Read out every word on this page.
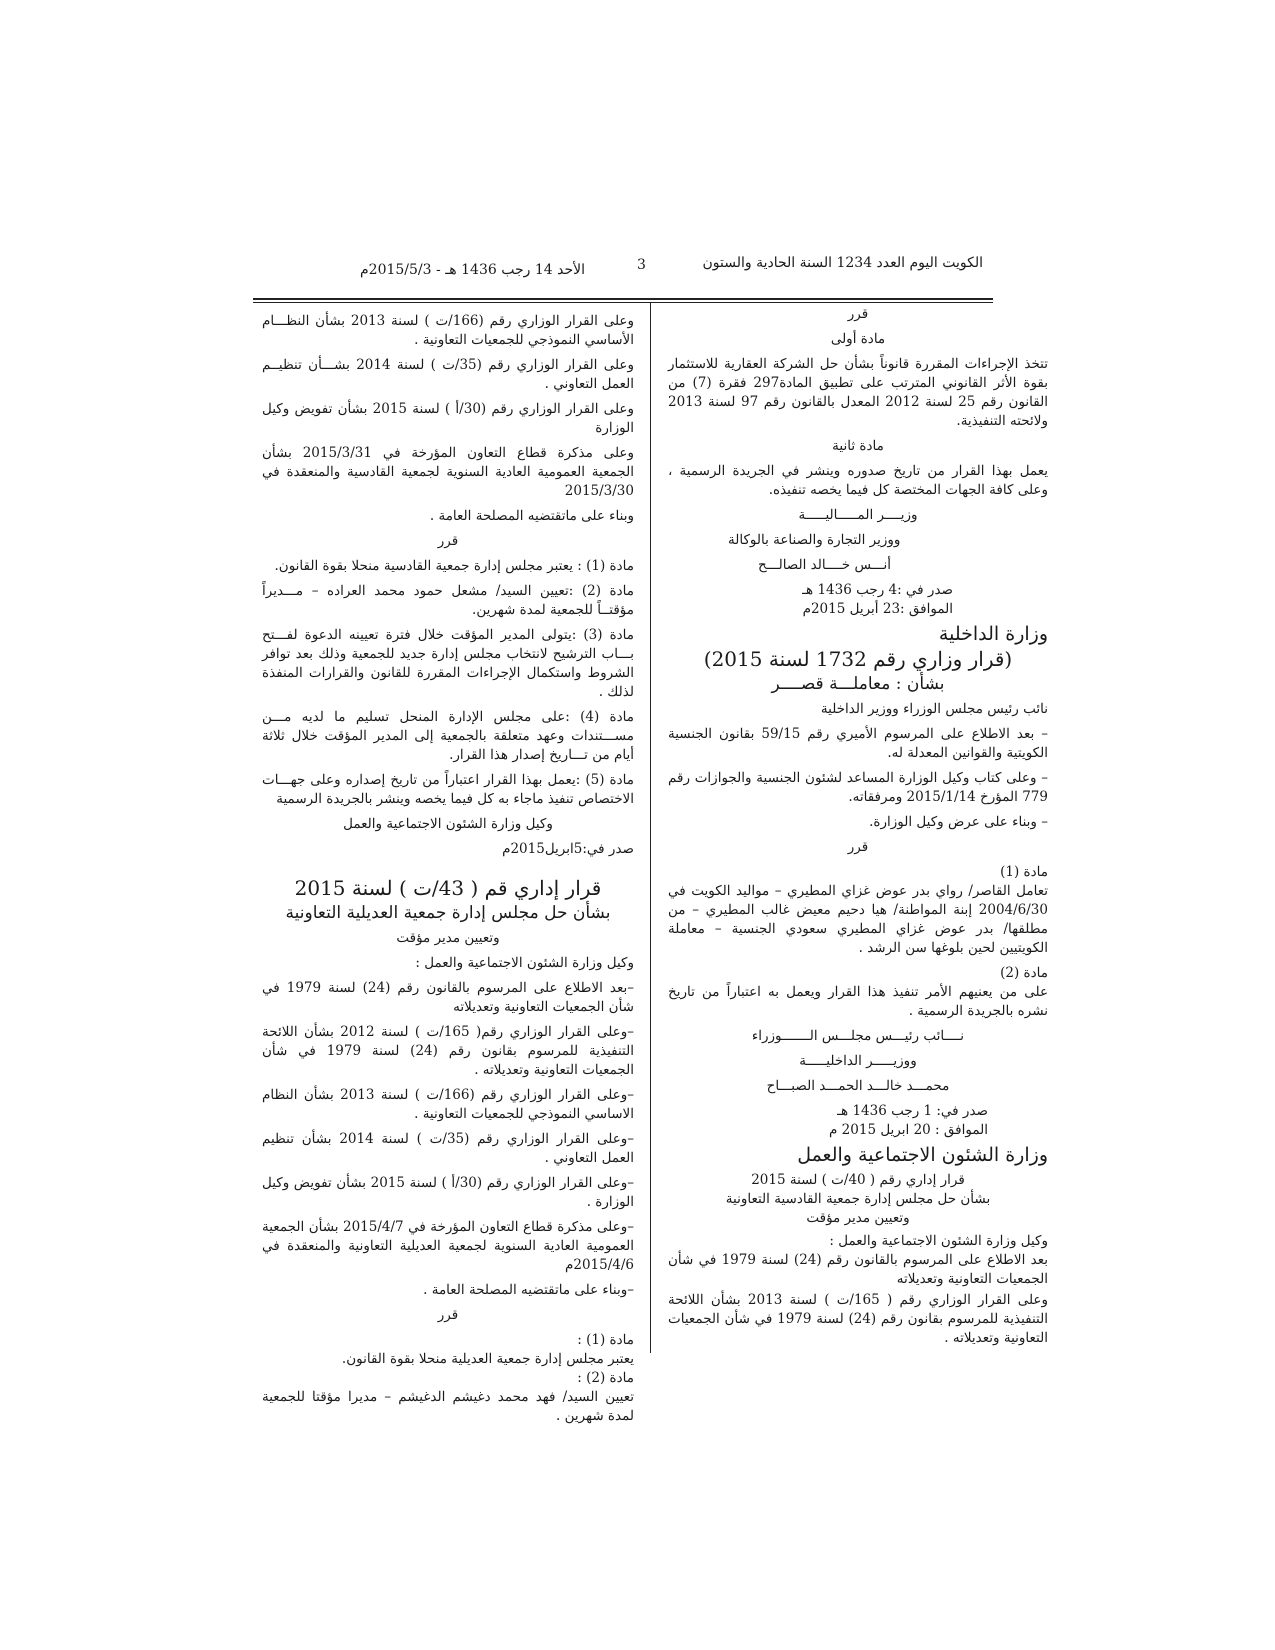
الكويت اليوم العدد 1234 السنة الحادية والستون
3
الأحد 14 رجب 1436 هـ - 2015/5/3م

قرر

مادة أولى

تتخذ الإجراءات المقررة قانوناً بشأن حل الشركة العقارية للاستثمار بقوة الأثر القانوني المترتب على تطبيق المادة297 فقرة (7) من القانون رقم 25 لسنة 2012 المعدل بالقانون رقم 97 لسنة 2013 ولائحته التنفيذية.

مادة ثانية

يعمل بهذا القرار من تاريخ صدوره وينشر في الجريدة الرسمية ، وعلى كافة الجهات المختصة كل فيما يخصه تنفيذه.

وزيــــر المـــــاليـــــة

ووزير التجارة والصناعة بالوكالة

أنـــس خــــالد الصالـــح

صدر في :4 رجب 1436 هـ

الموافق :23 أبريل 2015م

وزارة الداخلية

(قرار وزاري رقم 1732 لسنة 2015)

بشأن : معاملـــة قصــــر

نائب رئيس مجلس الوزراء ووزير الداخلية

– بعد الاطلاع على المرسوم الأميري رقم 59/15 بقانون الجنسية الكويتية والقوانين المعدلة له.

– وعلى كتاب وكيل الوزارة المساعد لشئون الجنسية والجوازات رقم 779 المؤرخ 2015/1/14 ومرفقاته.

– وبناء على عرض وكيل الوزارة.

قرر

مادة (1)

تعامل القاصر/ رواي بدر عوض غزاي المطيري – مواليد الكويت في 2004/6/30 إبنة المواطنة/ هيا دحيم معيض غالب المطيري – من مطلقها/ بدر عوض غزاي المطيري سعودي الجنسية – معاملة الكويتيين لحين بلوغها سن الرشد .

مادة (2)

على من يعنيهم الأمر تنفيذ هذا القرار ويعمل به اعتباراً من تاريخ نشره بالجريدة الرسمية .

نــــائب رئيـــس مجلـــس الـــــــوزراء

ووزيـــــر الداخليـــــة

محمـــد خالـــد الحمـــد الصبـــاح

صدر في: 1 رجب 1436 هـ

الموافق : 20 ابريل 2015 م

وزارة الشئون الاجتماعية والعمل

قرار إداري رقم ( 40/ت ) لسنة 2015

بشأن حل مجلس إدارة جمعية القادسية التعاونية

وتعيين مدير مؤقت

وكيل وزارة الشئون الاجتماعية والعمل :

بعد الاطلاع على المرسوم بالقانون رقم (24) لسنة 1979 في شأن الجمعيات التعاونية وتعديلاته

وعلى القرار الوزاري رقم ( 165/ت ) لسنة 2013 بشأن اللائحة التنفيذية للمرسوم بقانون رقم (24) لسنة 1979 في شأن الجمعيات التعاونية وتعديلاته .

وعلى القرار الوزاري رقم (166/ت ) لسنة 2013 بشأن النظـــام الأساسي النموذجي للجمعيات التعاونية .

وعلى القرار الوزاري رقم (35/ت ) لسنة 2014 بشـــأن تنظيــم العمل التعاوني .

وعلى القرار الوزاري رقم (30/أ ) لسنة 2015 بشأن تفويض وكيل الوزارة

وعلى مذكرة قطاع التعاون المؤرخة في 2015/3/31 بشأن الجمعية العمومية العادية السنوية لجمعية القادسية والمنعقدة في 2015/3/30

وبناء على ماتقتضيه المصلحة العامة .

قرر

مادة (1) : يعتبر مجلس إدارة جمعية القادسية منحلا بقوة القانون.

مادة (2) :تعيين السيد/ مشعل حمود محمد العراده – مـــديراً مؤقتــاً للجمعية لمدة شهرين.

مادة (3) :يتولى المدير المؤقت خلال فترة تعيينه الدعوة لفـــتح بـــاب الترشيح لانتخاب مجلس إدارة جديد للجمعية وذلك بعد توافر الشروط واستكمال الإجراءات المقررة للقانون والقرارات المنفذة لذلك .

مادة (4) :على مجلس الإدارة المنحل تسليم ما لديه مـــن مســـتندات وعهد متعلقة بالجمعية إلى المدير المؤقت خلال ثلاثة أيام من تـــاريخ إصدار هذا القرار.

مادة (5) :يعمل بهذا القرار اعتباراً من تاريخ إصداره وعلى جهـــات الاختصاص تنفيذ ماجاء به كل فيما يخصه وينشر بالجريدة الرسمية

وكيل وزارة الشئون الاجتماعية والعمل

صدر في:5ابريل2015م

قرار إداري قم ( 43/ت ) لسنة 2015

بشأن حل مجلس إدارة جمعية العديلية التعاونية

وتعيين مدير مؤقت

وكيل وزارة الشئون الاجتماعية والعمل :

–بعد الاطلاع على المرسوم بالقانون رقم (24) لسنة 1979 في شأن الجمعيات التعاونية وتعديلاته

–وعلى القرار الوزاري رقم( 165/ت ) لسنة 2012 بشأن اللائحة التنفيذية للمرسوم بقانون رقم (24) لسنة 1979 في شأن الجمعيات التعاونية وتعديلاته .

–وعلى القرار الوزاري رقم (166/ت ) لسنة 2013 بشأن النظام الاساسي النموذجي للجمعيات التعاونية .

–وعلى القرار الوزاري رقم (35/ت ) لسنة 2014 بشأن تنظيم العمل التعاوني .

–وعلى القرار الوزاري رقم (30/أ ) لسنة 2015 بشأن تفويض وكيل الوزارة .

–وعلى مذكرة قطاع التعاون المؤرخة في 2015/4/7 بشأن الجمعية العمومية العادية السنوية لجمعية العديلية التعاونية والمنعقدة في 2015/4/6م

–وبناء على ماتقتضيه المصلحة العامة .

قرر

مادة (1) :

يعتبر مجلس إدارة جمعية العديلية منحلا بقوة القانون.

مادة (2) :

تعيين السيد/ فهد محمد دغيشم الدغيشم – مديرا مؤقتا للجمعية لمدة شهرين .
